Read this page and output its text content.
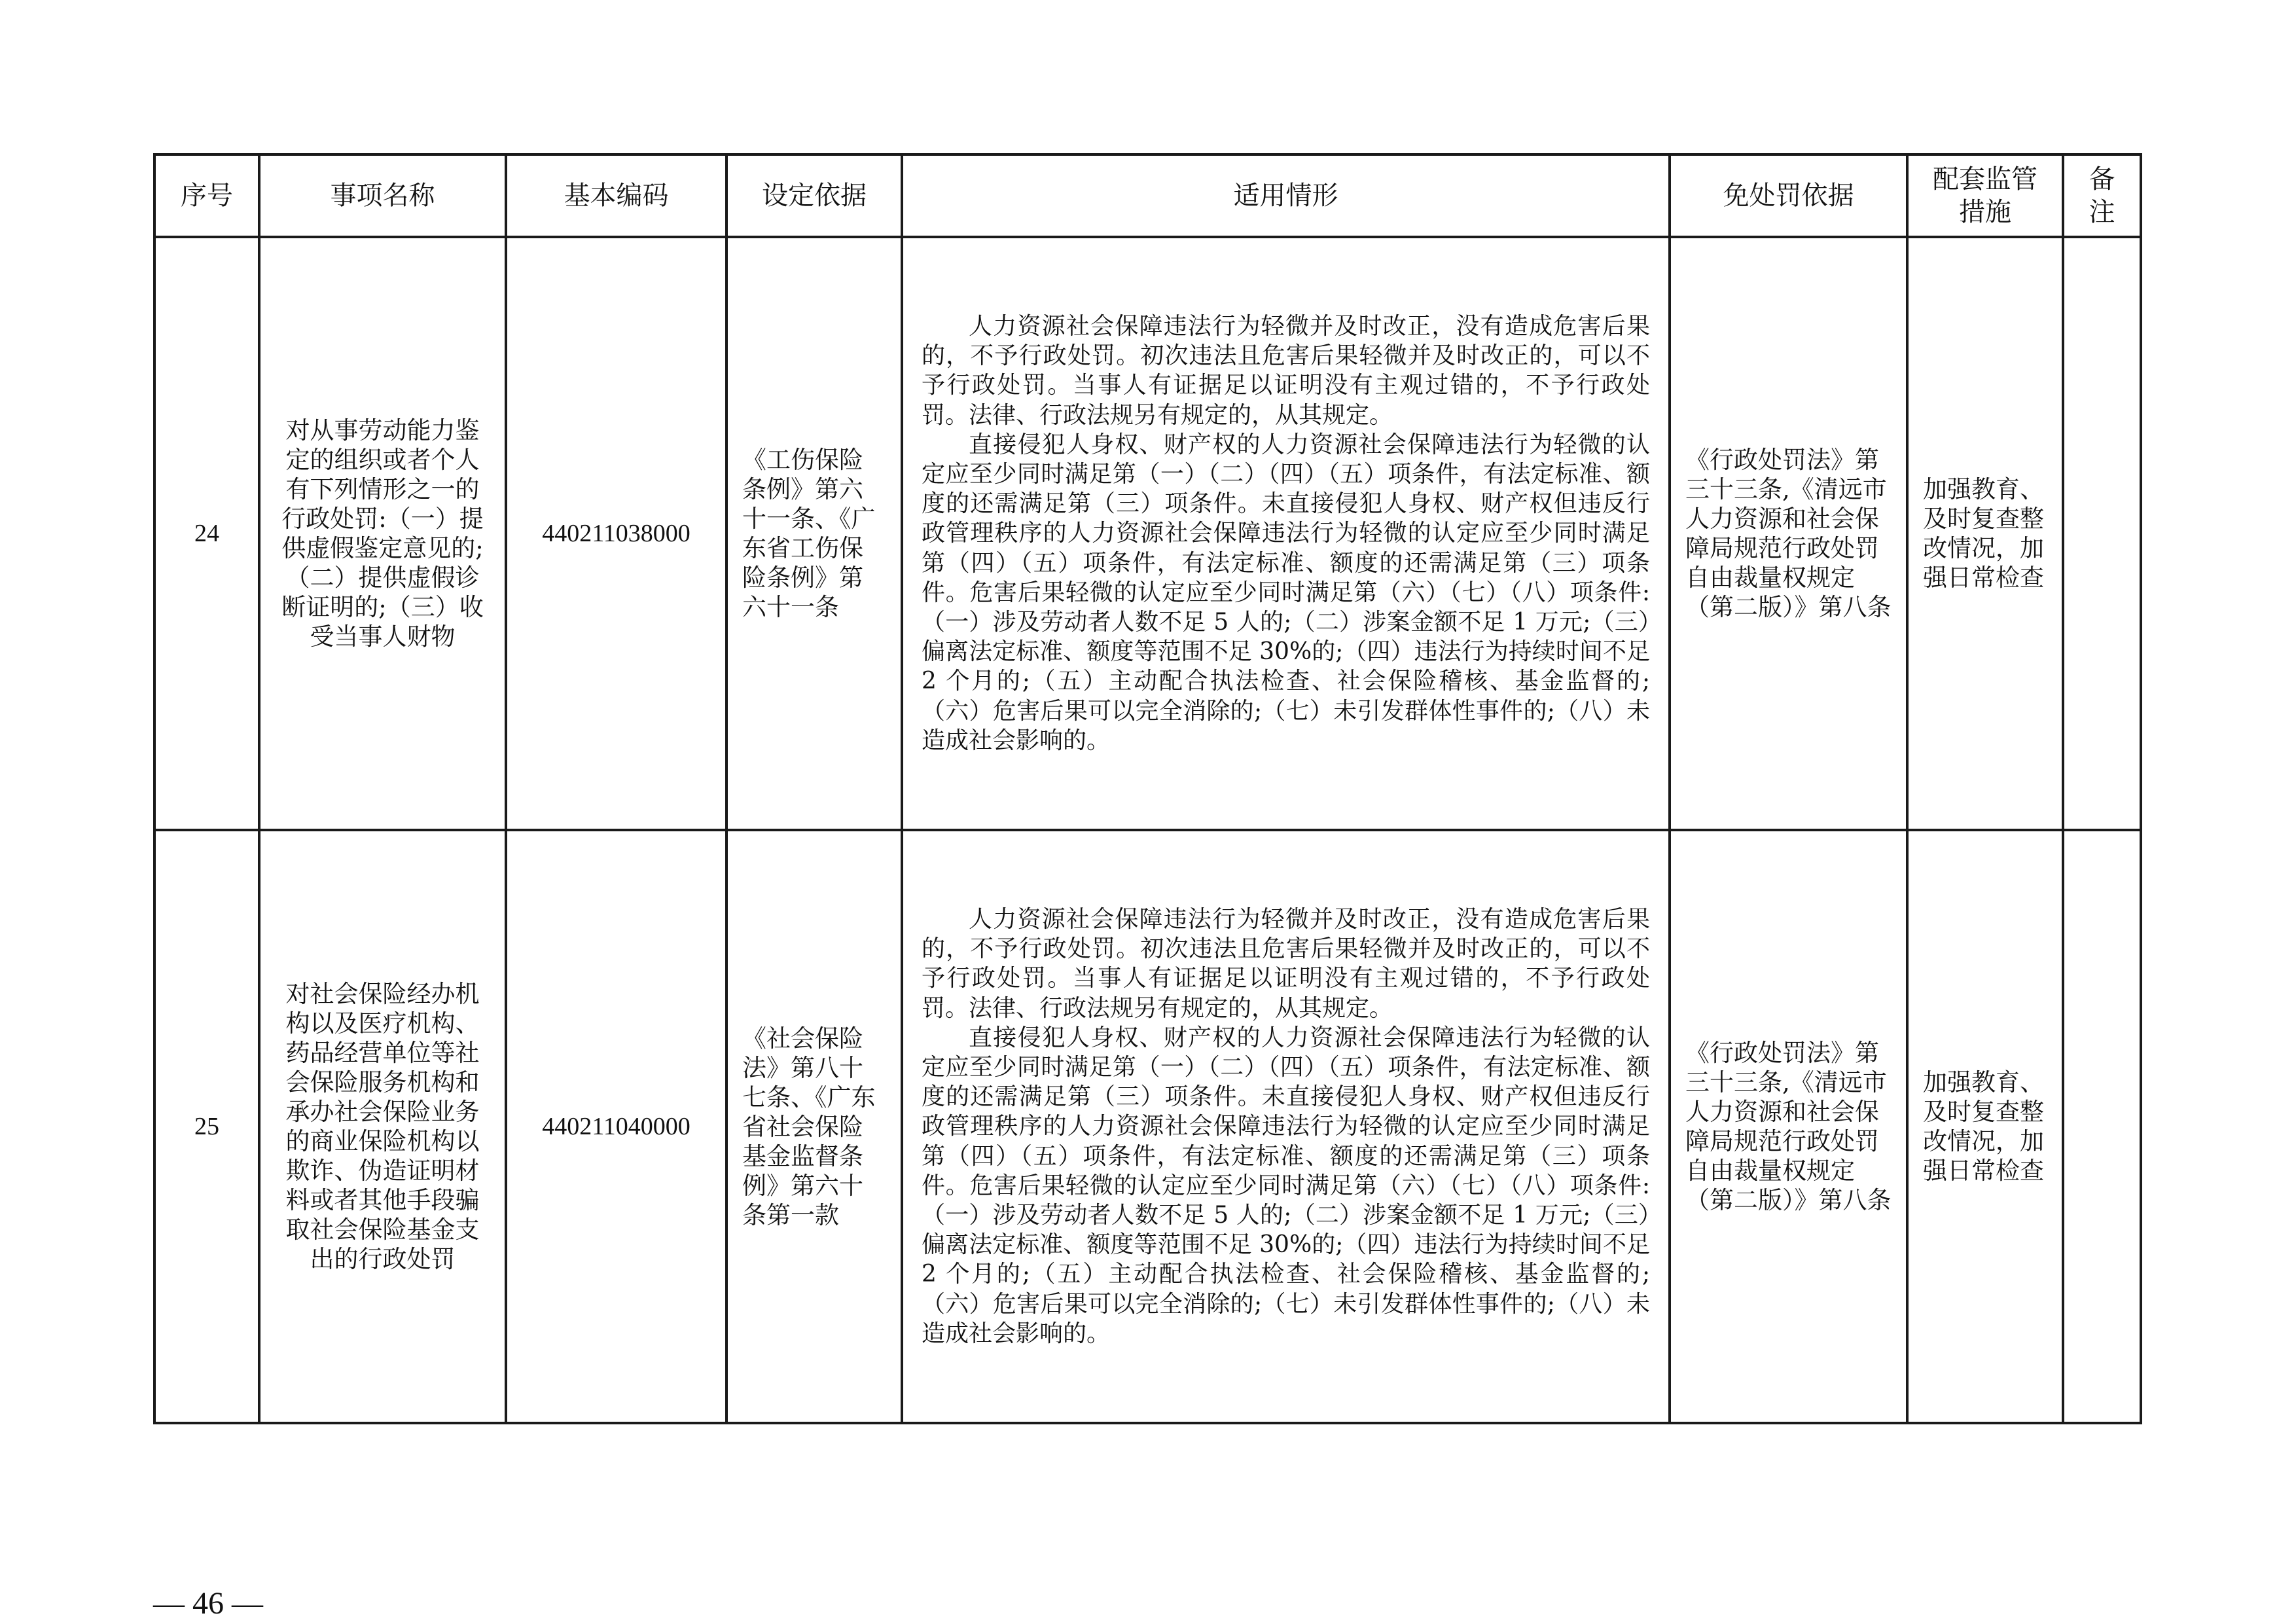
序号	事项名称	基本编码	设定依据	适用情形	免处罚依据	配套监管措施	备注

24	对从事劳动能力鉴定的组织或者个人有下列情形之一的行政处罚:（一）提供虚假鉴定意见的;（二）提供虚假诊断证明的;（三）收受当事人财物	440211038000	《工伤保险条例》第六十一条、《广东省工伤保险条例》第六十一条	人力资源社会保障违法行为轻微并及时改正，没有造成危害后果的，不予行政处罚。初次违法且危害后果轻微并及时改正的，可以不予行政处罚。当事人有证据足以证明没有主观过错的，不予行政处罚。法律、行政法规另有规定的，从其规定。

直接侵犯人身权、财产权的人力资源社会保障违法行为轻微的认定应至少同时满足第（一）（二）（四）（五）项条件，有法定标准、额度的还需满足第（三）项条件。未直接侵犯人身权、财产权但违反行政管理秩序的人力资源社会保障违法行为轻微的认定应至少同时满足第（四）（五）项条件，有法定标准、额度的还需满足第（三）项条件。危害后果轻微的认定应至少同时满足第（六）（七）（八）项条件:（一）涉及劳动者人数不足 5 人的;（二）涉案金额不足 1 万元;（三）偏离法定标准、额度等范围不足 30%的;（四）违法行为持续时间不足 2 个月的;（五）主动配合执法检查、社会保险稽核、基金监督的;（六）危害后果可以完全消除的;（七）未引发群体性事件的;（八）未造成社会影响的。	《行政处罚法》第三十三条,《清远市人力资源和社会保障局规范行政处罚自由裁量权规定（第二版）》第八条	加强教育、及时复查整改情况，加强日常检查	

25	对社会保险经办机构以及医疗机构、药品经营单位等社会保险服务机构和承办社会保险业务的商业保险机构以欺诈、伪造证明材料或者其他手段骗取社会保险基金支出的行政处罚	440211040000	《社会保险法》第八十七条、《广东省社会保险基金监督条例》第六十条第一款	人力资源社会保障违法行为轻微并及时改正，没有造成危害后果的，不予行政处罚。初次违法且危害后果轻微并及时改正的，可以不予行政处罚。当事人有证据足以证明没有主观过错的，不予行政处罚。法律、行政法规另有规定的，从其规定。

直接侵犯人身权、财产权的人力资源社会保障违法行为轻微的认定应至少同时满足第（一）（二）（四）（五）项条件，有法定标准、额度的还需满足第（三）项条件。未直接侵犯人身权、财产权但违反行政管理秩序的人力资源社会保障违法行为轻微的认定应至少同时满足第（四）（五）项条件，有法定标准、额度的还需满足第（三）项条件。危害后果轻微的认定应至少同时满足第（六）（七）（八）项条件:（一）涉及劳动者人数不足 5 人的;（二）涉案金额不足 1 万元;（三）偏离法定标准、额度等范围不足 30%的;（四）违法行为持续时间不足 2 个月的;（五）主动配合执法检查、社会保险稽核、基金监督的;（六）危害后果可以完全消除的;（七）未引发群体性事件的;（八）未造成社会影响的。	《行政处罚法》第三十三条,《清远市人力资源和社会保障局规范行政处罚自由裁量权规定（第二版）》第八条	加强教育、及时复查整改情况，加强日常检查	

— 46 —
